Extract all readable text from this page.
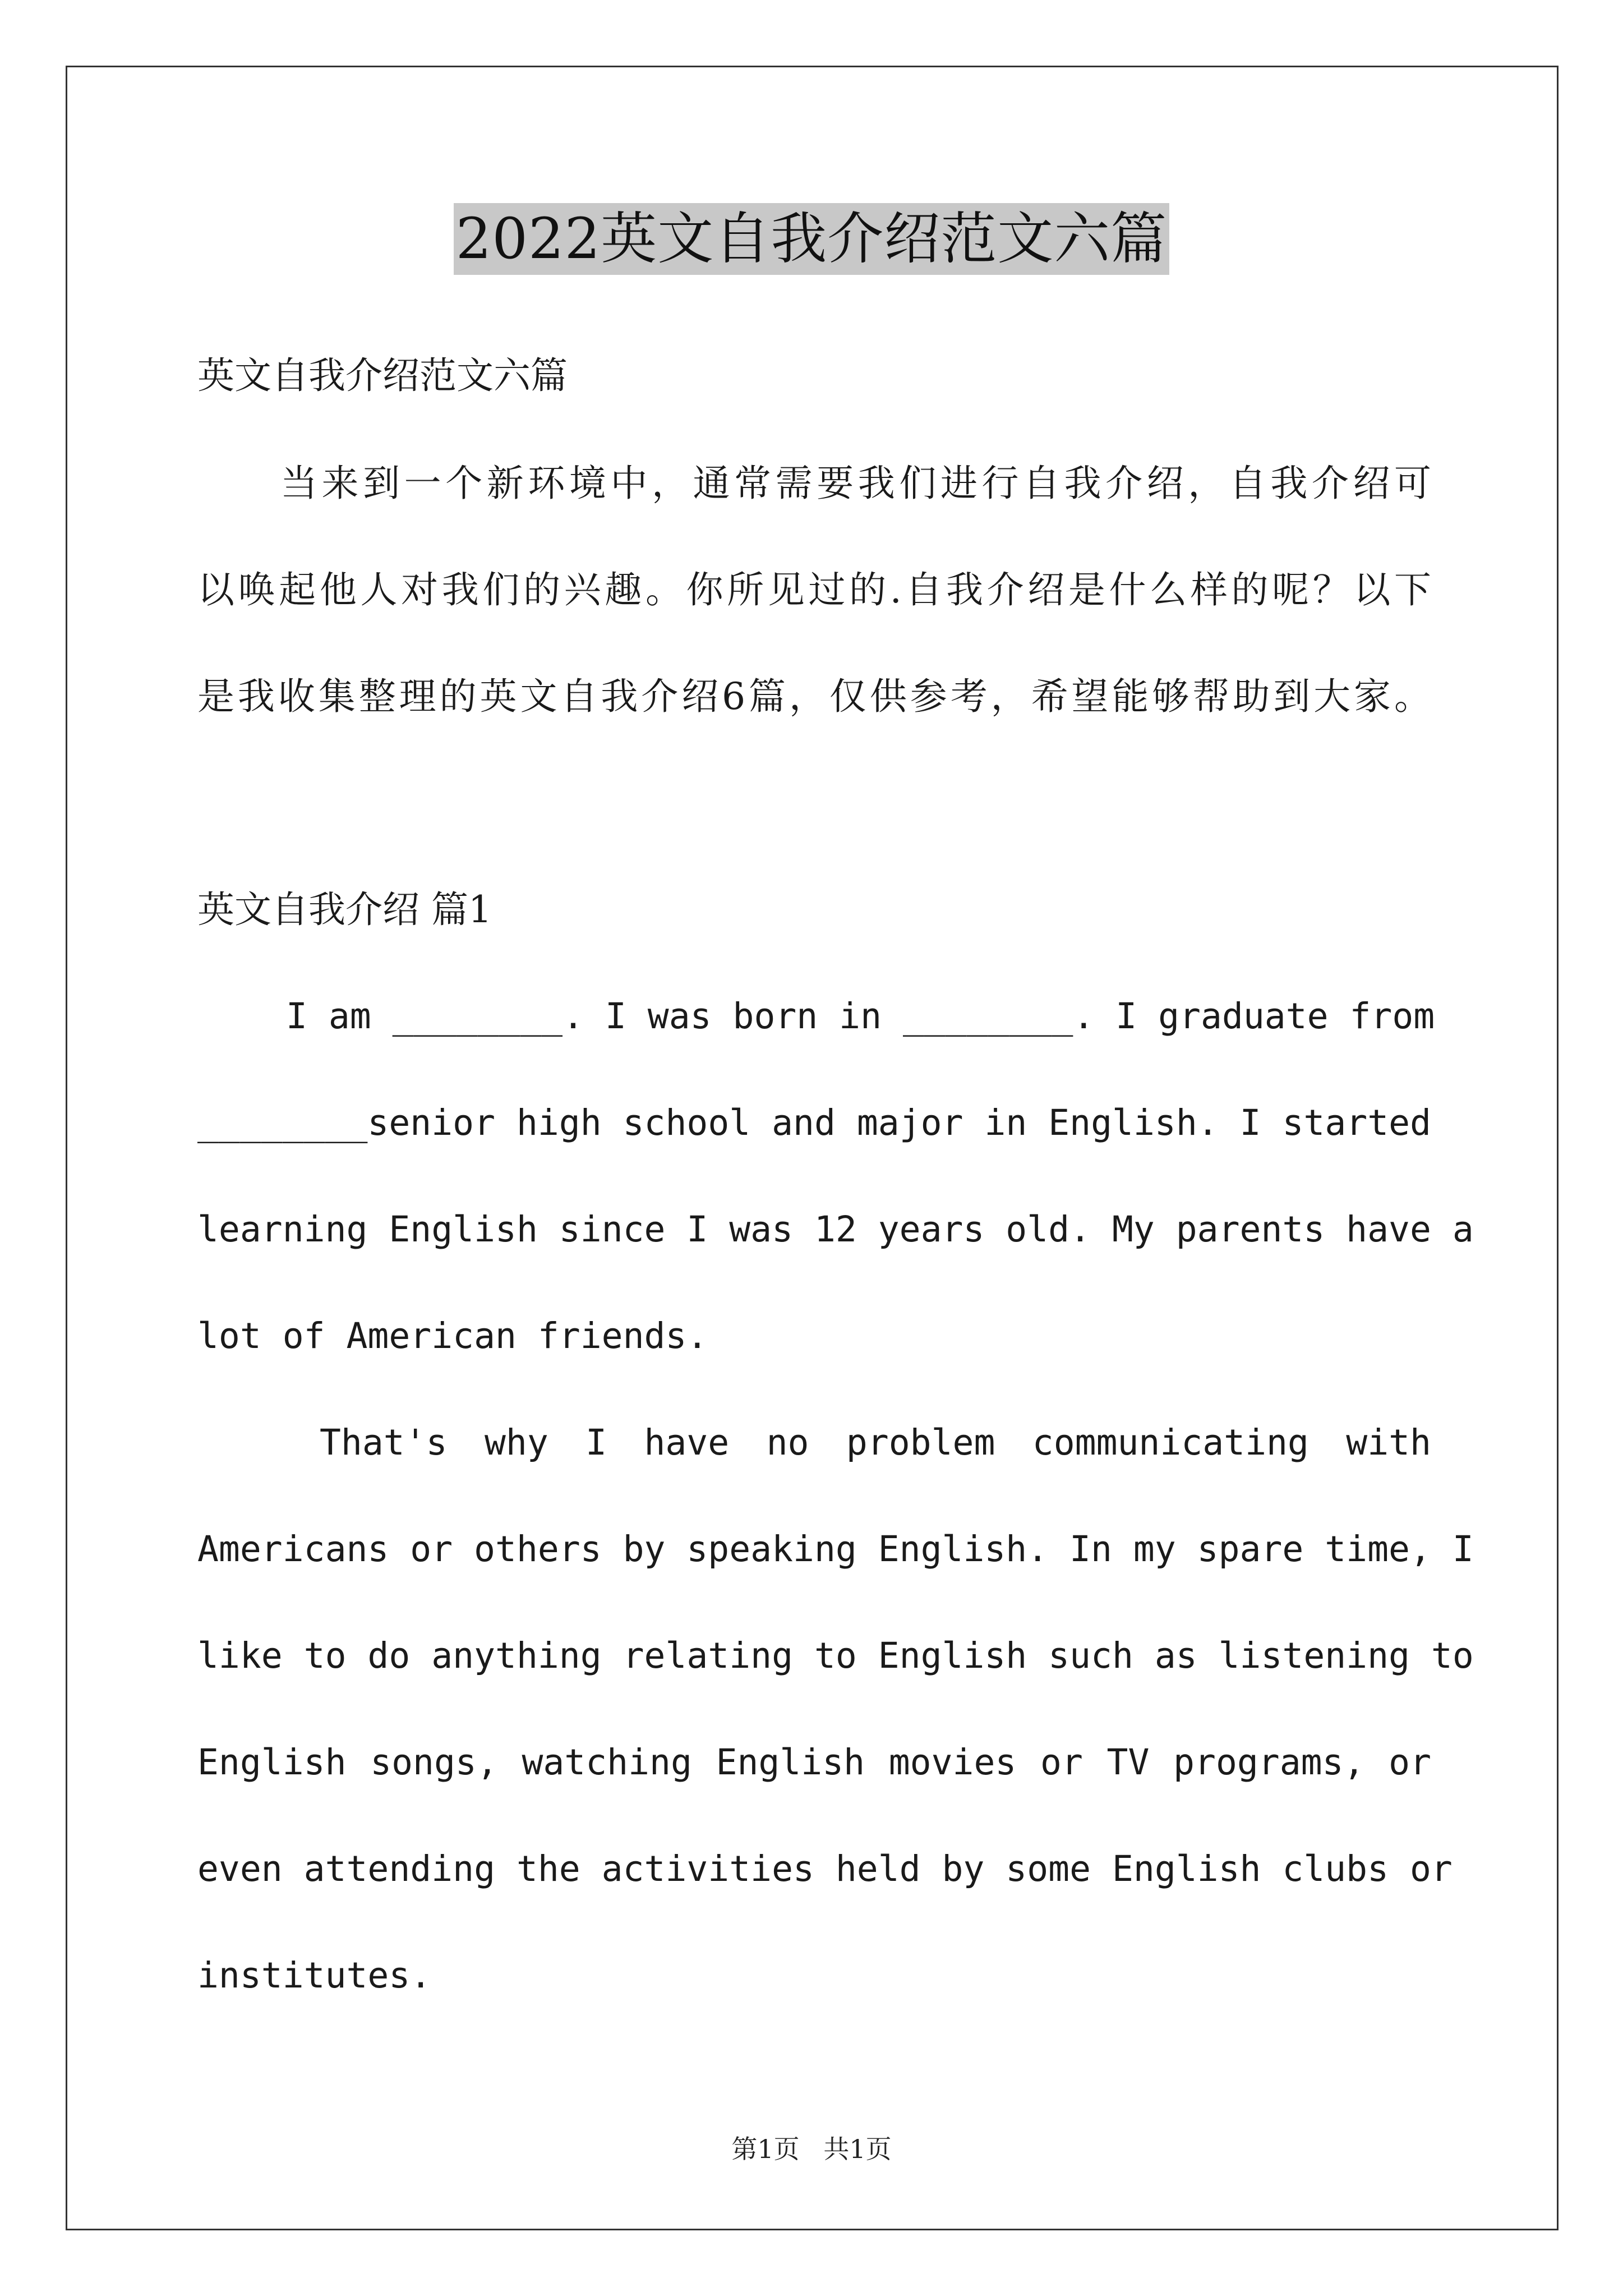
2022英文自我介绍范文六篇
英文自我介绍范文六篇
当来到一个新环境中，通常需要我们进行自我介绍，自我介绍可
以唤起他人对我们的兴趣。你所见过的.自我介绍是什么样的呢？以下
是我收集整理的英文自我介绍6篇，仅供参考，希望能够帮助到大家。
英文自我介绍 篇1
I am ________. I was born in ________. I graduate from
________senior high school and major in English. I started
learning English since I was 12 years old. My parents have a
lot of American friends.
That's why I have no problem communicating with
Americans or others by speaking English. In my spare time, I
like to do anything relating to English such as listening to
English songs, watching English movies or TV programs, or
even attending the activities held by some English clubs or
institutes.
第1页 共1页
